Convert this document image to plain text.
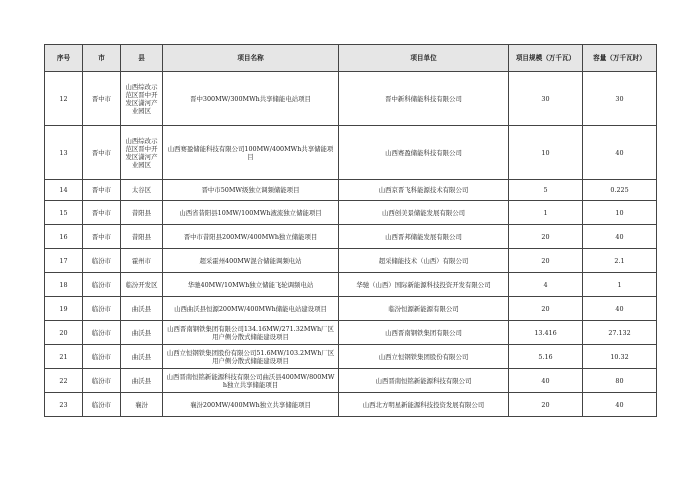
序号	市	县	项目名称	项目单位	项目规模（万千瓦）	容量（万千瓦时）
12	晋中市	山西综改示范区晋中开发区潇河产业园区	晋中300MW/300MWh共享储能电站项目	晋中新科储能科技有限公司	30	30
13	晋中市	山西综改示范区晋中开发区潇河产业园区	山西赛盈储能科技有限公司100MW/400MWh共享储能项目	山西赛盈储能科技有限公司	10	40
14	晋中市	太谷区	晋中市50MW级独立调频储能项目	山西京晋飞科能源技术有限公司	5	0.225
15	晋中市	昔阳县	山西省昔阳县10MW/100MWh液流独立储能项目	山西创美景储能发展有限公司	1	10
16	晋中市	昔阳县	晋中市昔阳县200MW/400MWh独立储能项目	山西晋邦储能发展有限公司	20	40
17	临汾市	霍州市	超采霍州400MW混合储能调频电站	超采储能技术（山西）有限公司	20	2.1
18	临汾市	临汾开发区	华驰40MW/10MWh独立储能飞轮调频电站	华驰（山西）国际新能源科技投资开发有限公司	4	1
19	临汾市	曲沃县	山西曲沃县恒源200MW/400MWh储能电站建设项目	临汾恒源新能源有限公司	20	40
20	临汾市	曲沃县	山西晋南钢铁集团有限公司134.16MW/271.32MWh厂区用户侧分散式储能建设项目	山西晋南钢铁集团有限公司	13.416	27.132
21	临汾市	曲沃县	山西立恒钢铁集团股份有限公司51.6MW/103.2MWh厂区用户侧分散式储能建设项目	山西立恒钢铁集团股份有限公司	5.16	10.32
22	临汾市	曲沃县	山西晋南恒铭新能源科技有限公司曲沃县400MW/800MWh独立共享储能项目	山西晋南恒铭新能源科技有限公司	40	80
23	临汾市	襄汾	襄汾200MW/400MWh独立共享储能项目	山西北方明星新能源科技投资发展有限公司	20	40
